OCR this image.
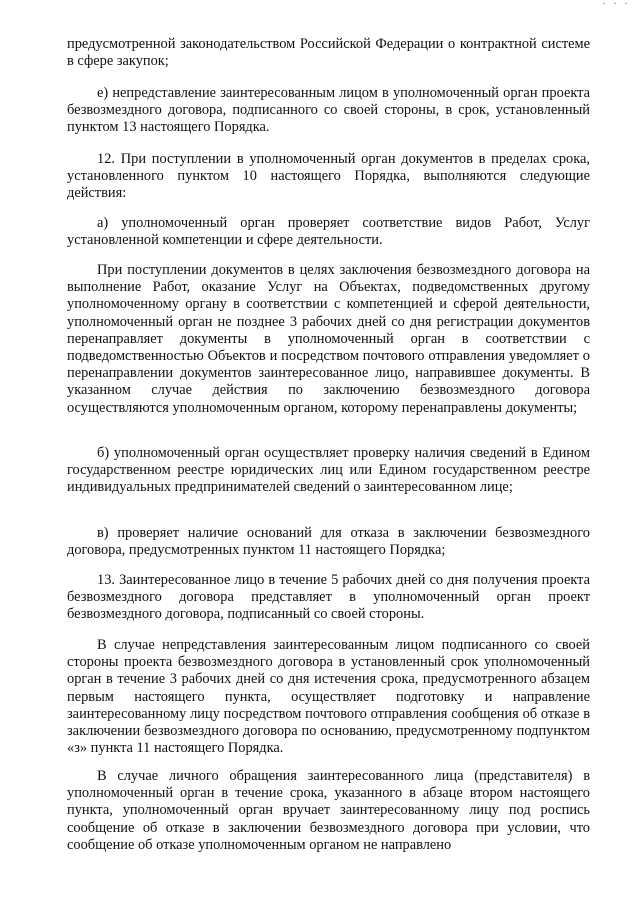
· · ·

предусмотренной законодательством Российской Федерации о контрактной системе в сфере закупок;

е) непредставление заинтересованным лицом в уполномоченный орган проекта безвозмездного договора, подписанного со своей стороны, в срок, установленный пунктом 13 настоящего Порядка.

12. При поступлении в уполномоченный орган документов в пределах срока, установленного пунктом 10 настоящего Порядка, выполняются следующие действия:

а) уполномоченный орган проверяет соответствие видов Работ, Услуг установленной компетенции и сфере деятельности.

При поступлении документов в целях заключения безвозмездного договора на выполнение Работ, оказание Услуг на Объектах, подведомственных другому уполномоченному органу в соответствии с компетенцией и сферой деятельности, уполномоченный орган не позднее 3 рабочих дней со дня регистрации документов перенаправляет документы в уполномоченный орган в соответствии с подведомственностью Объектов и посредством почтового отправления уведомляет о перенаправлении документов заинтересованное лицо, направившее документы. В указанном случае действия по заключению безвозмездного договора осуществляются уполномоченным органом, которому перенаправлены документы;

б) уполномоченный орган осуществляет проверку наличия сведений в Едином государственном реестре юридических лиц или Едином государственном реестре индивидуальных предпринимателей сведений о заинтересованном лице;

в) проверяет наличие оснований для отказа в заключении безвозмездного договора, предусмотренных пунктом 11 настоящего Порядка;

13. Заинтересованное лицо в течение 5 рабочих дней со дня получения проекта безвозмездного договора представляет в уполномоченный орган проект безвозмездного договора, подписанный со своей стороны.

В случае непредставления заинтересованным лицом подписанного со своей стороны проекта безвозмездного договора в установленный срок уполномоченный орган в течение 3 рабочих дней со дня истечения срока, предусмотренного абзацем первым настоящего пункта, осуществляет подготовку и направление заинтересованному лицу посредством почтового отправления сообщения об отказе в заключении безвозмездного договора по основанию, предусмотренному подпунктом «з» пункта 11 настоящего Порядка.

В случае личного обращения заинтересованного лица (представителя) в уполномоченный орган в течение срока, указанного в абзаце втором настоящего пункта, уполномоченный орган вручает заинтересованному лицу под роспись сообщение об отказе в заключении безвозмездного договора при условии, что сообщение об отказе уполномоченным органом не направлено
